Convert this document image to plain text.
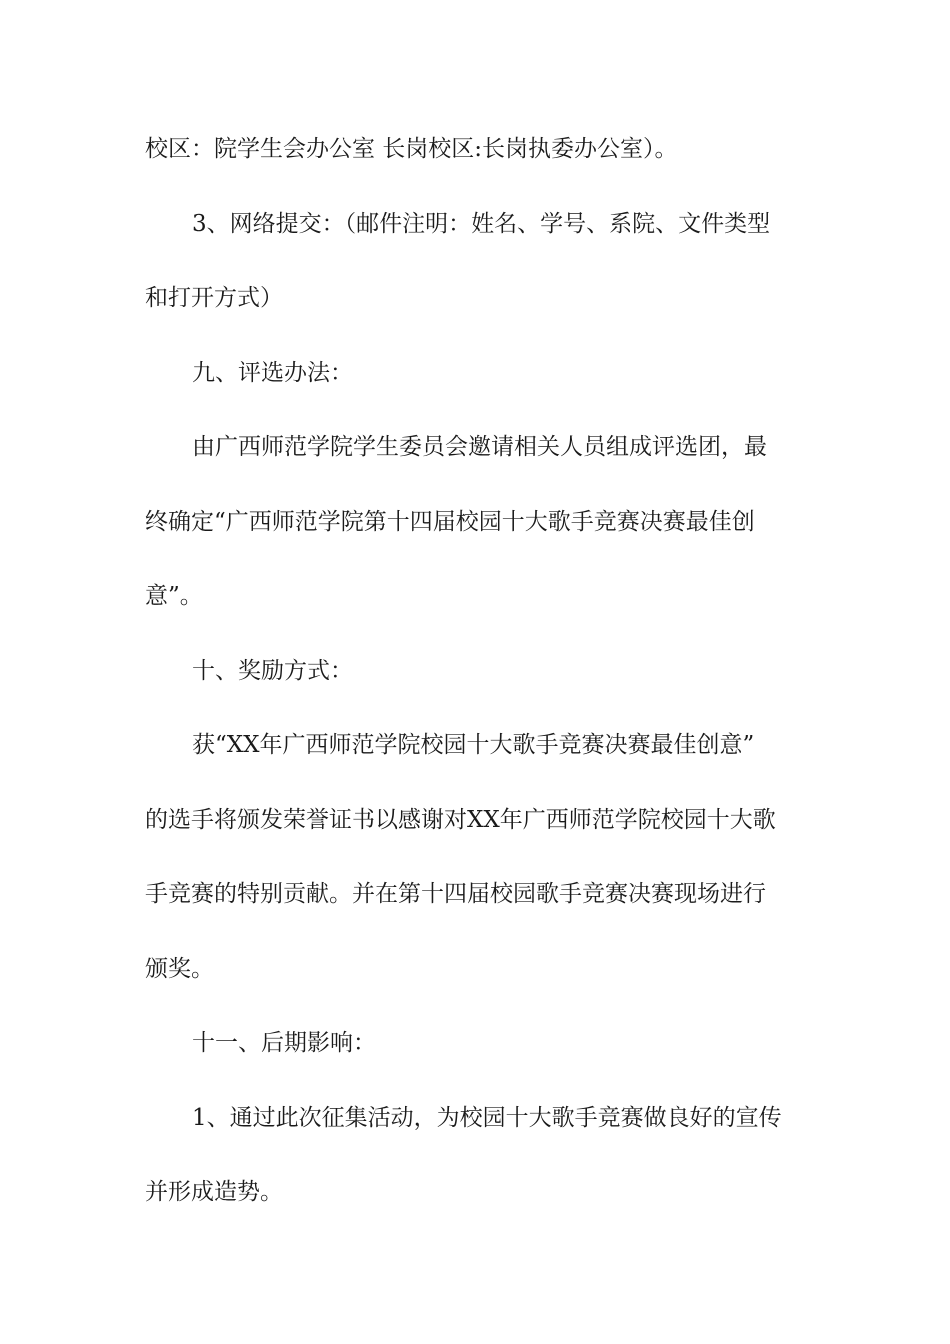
校区：院学生会办公室 长岗校区:长岗执委办公室）。
3、网络提交：（邮件注明：姓名、学号、系院、文件类型
和打开方式）
九、评选办法：
由广西师范学院学生委员会邀请相关人员组成评选团，最
终确定“广西师范学院第十四届校园十大歌手竞赛决赛最佳创
意”。
十、奖励方式：
获“XX年广西师范学院校园十大歌手竞赛决赛最佳创意”
的选手将颁发荣誉证书以感谢对XX年广西师范学院校园十大歌
手竞赛的特别贡献。并在第十四届校园歌手竞赛决赛现场进行
颁奖。
十一、后期影响：
1、通过此次征集活动，为校园十大歌手竞赛做良好的宣传
并形成造势。
